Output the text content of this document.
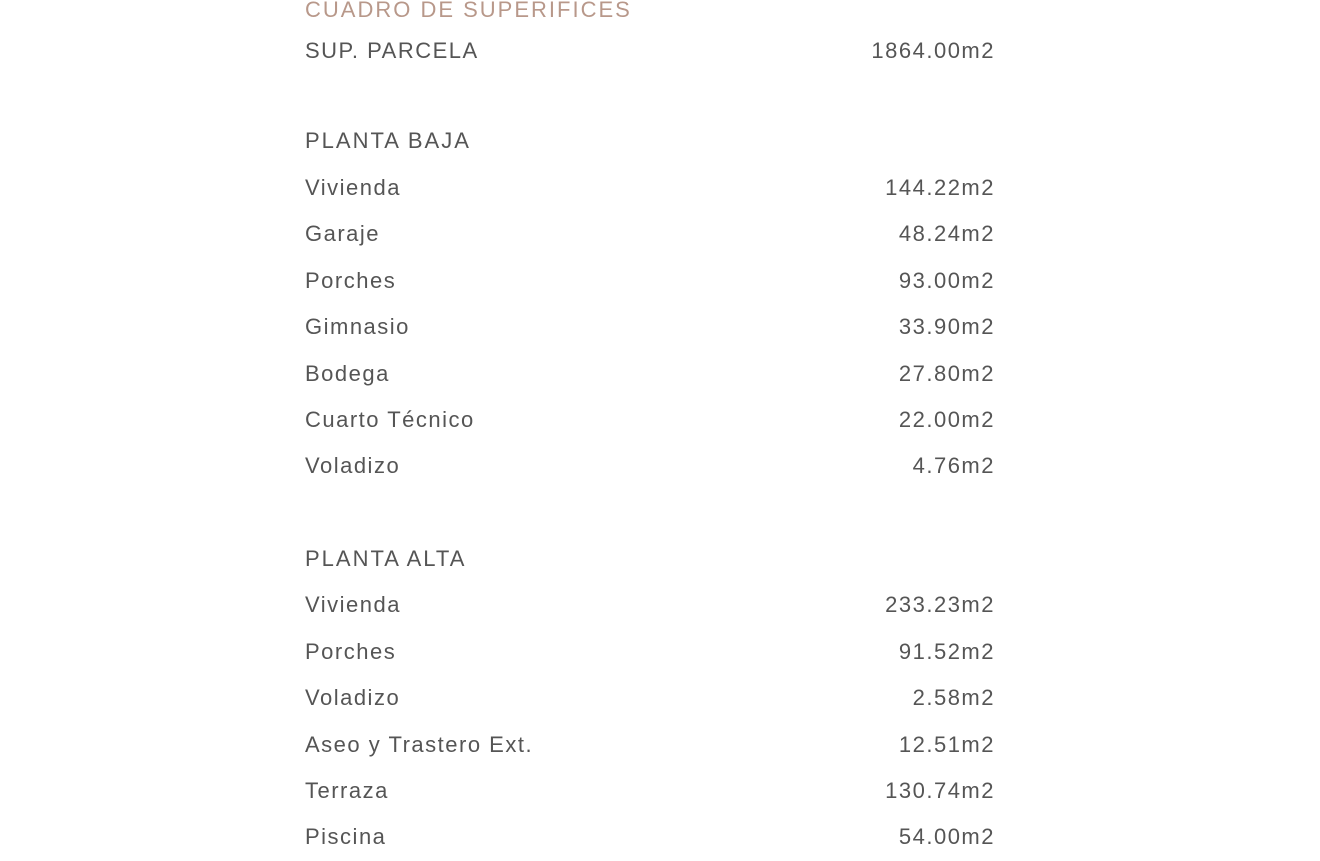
CUADRO DE SUPERIFICES
SUP. PARCELA	1864.00m2
PLANTA BAJA
Vivienda	144.22m2
Garaje	48.24m2
Porches	93.00m2
Gimnasio	33.90m2
Bodega	27.80m2
Cuarto Técnico	22.00m2
Voladizo	4.76m2
PLANTA ALTA
Vivienda	233.23m2
Porches	91.52m2
Voladizo	2.58m2
Aseo y Trastero Ext.	12.51m2
Terraza	130.74m2
Piscina	54.00m2
